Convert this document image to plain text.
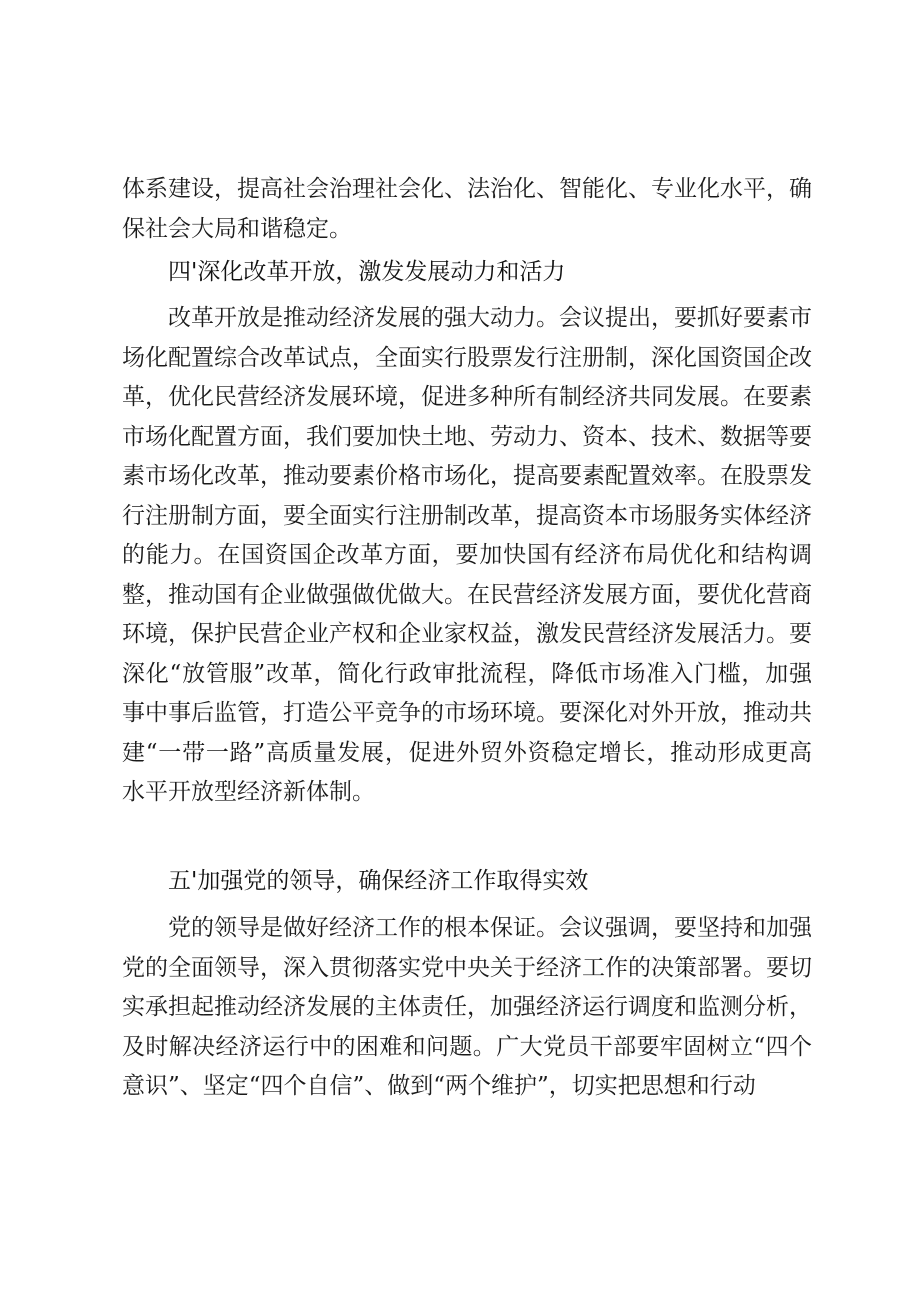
体系建设，提高社会治理社会化、法治化、智能化、专业化水平，确保社会大局和谐稳定。

四'深化改革开放，激发发展动力和活力

改革开放是推动经济发展的强大动力。会议提出，要抓好要素市场化配置综合改革试点，全面实行股票发行注册制，深化国资国企改革，优化民营经济发展环境，促进多种所有制经济共同发展。在要素市场化配置方面，我们要加快土地、劳动力、资本、技术、数据等要素市场化改革，推动要素价格市场化，提高要素配置效率。在股票发行注册制方面，要全面实行注册制改革，提高资本市场服务实体经济的能力。在国资国企改革方面，要加快国有经济布局优化和结构调整，推动国有企业做强做优做大。在民营经济发展方面，要优化营商环境，保护民营企业产权和企业家权益，激发民营经济发展活力。要深化“放管服”改革，简化行政审批流程，降低市场准入门槛，加强事中事后监管，打造公平竞争的市场环境。要深化对外开放，推动共建“一带一路”高质量发展，促进外贸外资稳定增长，推动形成更高水平开放型经济新体制。

五'加强党的领导，确保经济工作取得实效

党的领导是做好经济工作的根本保证。会议强调，要坚持和加强党的全面领导，深入贯彻落实党中央关于经济工作的决策部署。要切实承担起推动经济发展的主体责任，加强经济运行调度和监测分析，及时解决经济运行中的困难和问题。广大党员干部要牢固树立“四个意识”、坚定“四个自信”、做到“两个维护”，切实把思想和行动
